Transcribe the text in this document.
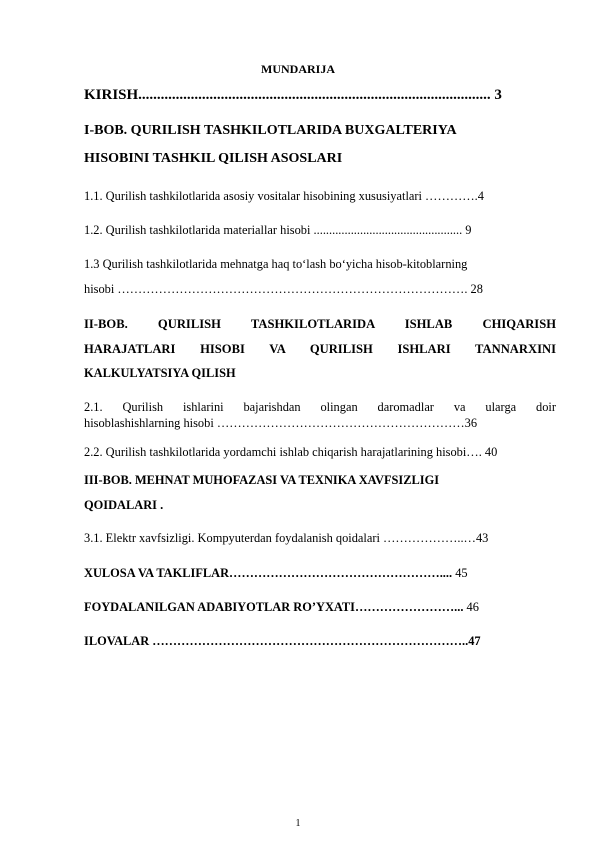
MUNDARIJA
KIRISH.............................................................................................. 3
I-BOB. QURILISH TASHKILOTLARIDA BUXGALTERIYA
HISOBINI TASHKIL QILISH ASOSLARI
1.1. Qurilish tashkilotlarida asosiy vositalar hisobining xususiyatlari ………….4
1.2. Qurilish tashkilotlarida materiallar hisobi ................................................ 9
1.3 Qurilish tashkilotlarida mehnatga haq to‘lash bo‘yicha hisob-kitoblarning
hisobi …………………………………………………………………………. 28
II-BOB. QURILISH TASHKILOTLARIDA ISHLAB CHIQARISH
HARAJATLARI HISOBI VA QURILISH ISHLARI TANNARXINI
KALKULYATSIYA QILISH
2.1. Qurilish ishlarini bajarishdan olingan daromadlar va ularga doir
hisoblashishlarning hisobi ……………………………………………………36
2.2. Qurilish tashkilotlarida yordamchi ishlab chiqarish harajatlarining hisobi…. 40
III-BOB. MEHNAT MUHOFAZASI VA TEXNIKA XAVFSIZLIGI
QOIDALARI .
3.1. Elektr xavfsizligi. Kompyuterdan foydalanish qoidalari ………………..…43
XULOSA VA TAKLIFLAR…………………………………………….... 45
FOYDALANILGAN ADABIYOTLAR RO’YXATI……………………... 46
ILOVALAR …………………………………………………………………..47
1
